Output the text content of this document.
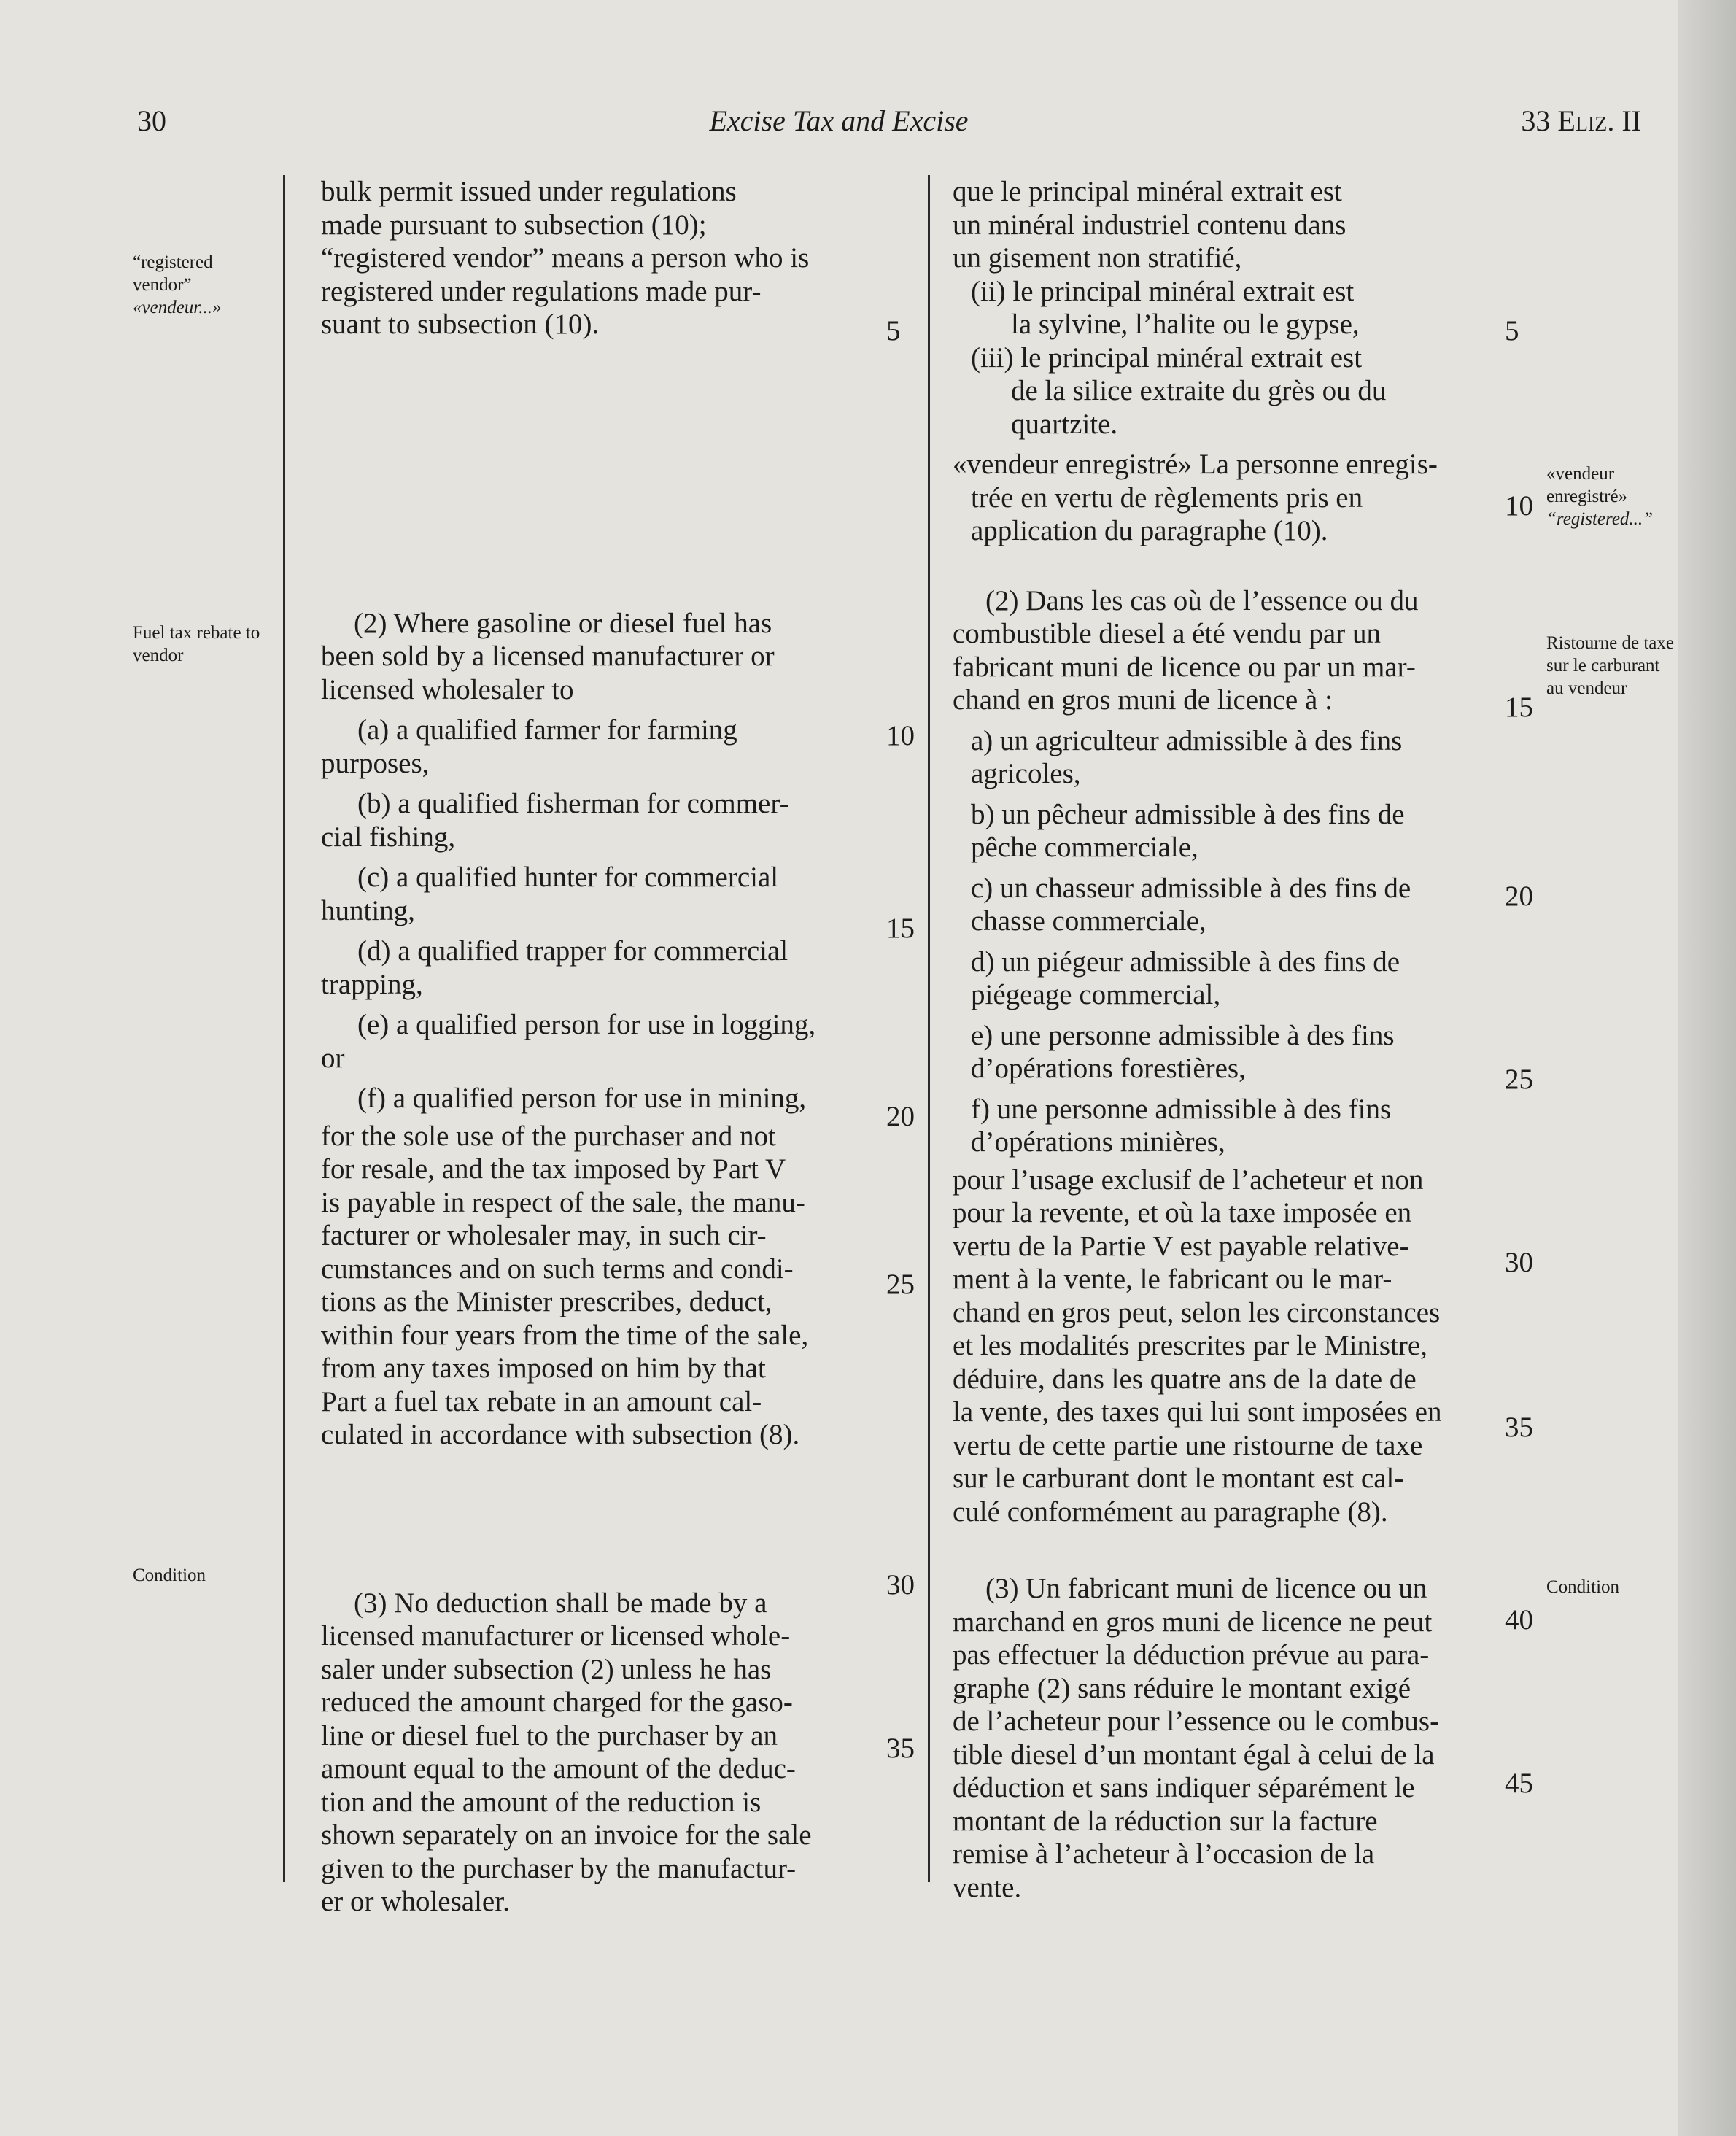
30	Excise Tax and Excise	33 Eliz. II
“registered vendor”
«vendeur...»
Fuel tax rebate to vendor
Condition
«vendeur enregistré»
“registered...”
Ristourne de taxe sur le carburant au vendeur
Condition
5
10
15
20
25
30
35
5
10
15
20
25
30
35
40
45

bulk permit issued under regulations

made pursuant to subsection (10);

“registered vendor” means a person who is

registered under regulations made pur-

suant to subsection (10).

(2) Where gasoline or diesel fuel has

been sold by a licensed manufacturer or

licensed wholesaler to

(a) a qualified farmer for farming

purposes,

(b) a qualified fisherman for commer-

cial fishing,

(c) a qualified hunter for commercial

hunting,

(d) a qualified trapper for commercial

trapping,

(e) a qualified person for use in logging,

or

(f) a qualified person for use in mining,

for the sole use of the purchaser and not

for resale, and the tax imposed by Part V

is payable in respect of the sale, the manu-

facturer or wholesaler may, in such cir-

cumstances and on such terms and condi-

tions as the Minister prescribes, deduct,

within four years from the time of the sale,

from any taxes imposed on him by that

Part a fuel tax rebate in an amount cal-

culated in accordance with subsection (8).

(3) No deduction shall be made by a

licensed manufacturer or licensed whole-

saler under subsection (2) unless he has

reduced the amount charged for the gaso-

line or diesel fuel to the purchaser by an

amount equal to the amount of the deduc-

tion and the amount of the reduction is

shown separately on an invoice for the sale

given to the purchaser by the manufactur-

er or wholesaler.

que le principal minéral extrait est

un minéral industriel contenu dans

un gisement non stratifié,

(ii) le principal minéral extrait est

la sylvine, l’halite ou le gypse,

(iii) le principal minéral extrait est

de la silice extraite du grès ou du

quartzite.

«vendeur enregistré» La personne enregis-

trée en vertu de règlements pris en

application du paragraphe (10).

(2) Dans les cas où de l’essence ou du

combustible diesel a été vendu par un

fabricant muni de licence ou par un mar-

chand en gros muni de licence à :

a) un agriculteur admissible à des fins

agricoles,

b) un pêcheur admissible à des fins de

pêche commerciale,

c) un chasseur admissible à des fins de

chasse commerciale,

d) un piégeur admissible à des fins de

piégeage commercial,

e) une personne admissible à des fins

d’opérations forestières,

f) une personne admissible à des fins

d’opérations minières,

pour l’usage exclusif de l’acheteur et non

pour la revente, et où la taxe imposée en

vertu de la Partie V est payable relative-

ment à la vente, le fabricant ou le mar-

chand en gros peut, selon les circonstances

et les modalités prescrites par le Ministre,

déduire, dans les quatre ans de la date de

la vente, des taxes qui lui sont imposées en

vertu de cette partie une ristourne de taxe

sur le carburant dont le montant est cal-

culé conformément au paragraphe (8).

(3) Un fabricant muni de licence ou un

marchand en gros muni de licence ne peut

pas effectuer la déduction prévue au para-

graphe (2) sans réduire le montant exigé

de l’acheteur pour l’essence ou le combus-

tible diesel d’un montant égal à celui de la

déduction et sans indiquer séparément le

montant de la réduction sur la facture

remise à l’acheteur à l’occasion de la

vente.
